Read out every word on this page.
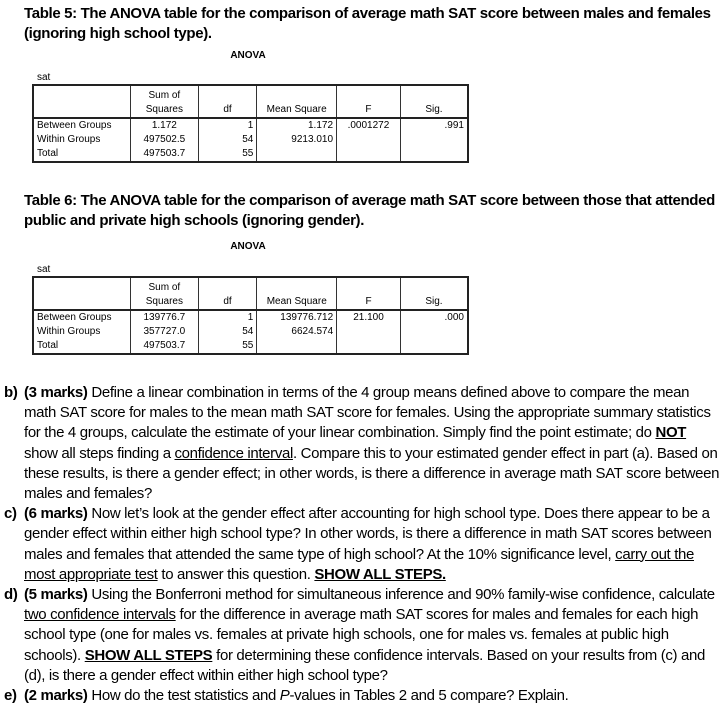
Table 5: The ANOVA table for the comparison of average math SAT score between males and females (ignoring high school type).
ANOVA
sat
	Sum of Squares	df	Mean Square	F	Sig.
Between Groups	1.172	1	1.172	.0001272	.991
Within Groups	497502.5	54	9213.010		
Total	497503.7	55			
Table 6: The ANOVA table for the comparison of average math SAT score between those that attended public and private high schools (ignoring gender).
ANOVA
sat
	Sum of Squares	df	Mean Square	F	Sig.
Between Groups	139776.7	1	139776.712	21.100	.000
Within Groups	357727.0	54	6624.574		
Total	497503.7	55			
b) (3 marks) Define a linear combination in terms of the 4 group means defined above to compare the mean math SAT score for males to the mean math SAT score for females. Using the appropriate summary statistics for the 4 groups, calculate the estimate of your linear combination. Simply find the point estimate; do NOT show all steps finding a confidence interval. Compare this to your estimated gender effect in part (a). Based on these results, is there a gender effect; in other words, is there a difference in average math SAT score between males and females?
c) (6 marks) Now let’s look at the gender effect after accounting for high school type. Does there appear to be a gender effect within either high school type? In other words, is there a difference in math SAT scores between males and females that attended the same type of high school? At the 10% significance level, carry out the most appropriate test to answer this question. SHOW ALL STEPS.
d) (5 marks) Using the Bonferroni method for simultaneous inference and 90% family-wise confidence, calculate two confidence intervals for the difference in average math SAT scores for males and females for each high school type (one for males vs. females at private high schools, one for males vs. females at public high schools). SHOW ALL STEPS for determining these confidence intervals. Based on your results from (c) and (d), is there a gender effect within either high school type?
e) (2 marks) How do the test statistics and P-values in Tables 2 and 5 compare? Explain.
